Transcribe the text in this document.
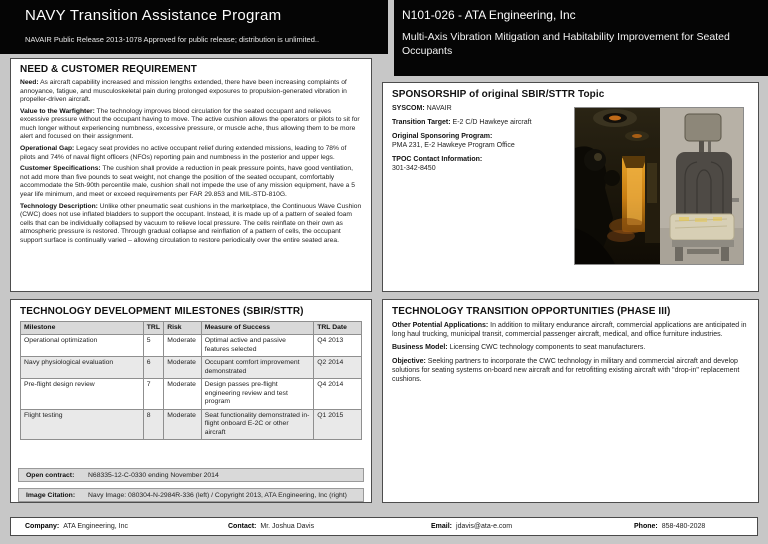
NAVY Transition Assistance Program
NAVAIR Public Release 2013-1078 Approved for public release; distribution is unlimited..
N101-026 - ATA Engineering, Inc
Multi-Axis Vibration Mitigation and Habitability Improvement for Seated Occupants
NEED & CUSTOMER REQUIREMENT

Need: As aircraft capability increased and mission lengths extended, there have been increasing complaints of annoyance, fatigue, and musculoskeletal pain during prolonged exposures to propulsion-generated vibration in propeller-driven aircraft.

Value to the Warfighter: The technology improves blood circulation for the seated occupant and relieves excessive pressure without the occupant having to move. The active cushion allows the operators or pilots to sit for much longer without experiencing numbness, excessive pressure, or muscle ache, thus allowing them to be more alert and focused on their assignment.

Operational Gap: Legacy seat provides no active occupant relief during extended missions, leading to 78% of pilots and 74% of naval flight officers (NFOs) reporting pain and numbness in the posterior and upper legs.

Customer Specifications: The cushion shall provide a reduction in peak pressure points, have good ventilation, not add more than five pounds to seat weight, not change the position of the seated occupant, comfortably accommodate the 5th-90th percentile male, cushion shall not impede the use of any mission equipment, have a 5 year life minimum, and meet or exceed requirements per FAR 29.853 and MIL-STD-810G.

Technology Description: Unlike other pneumatic seat cushions in the marketplace, the Continuous Wave Cushion (CWC) does not use inflated bladders to support the occupant. Instead, it is made up of a pattern of sealed foam cells that can be individually collapsed by vacuum to relieve local pressure. The cells reinflate on their own as atmospheric pressure is restored. Through gradual collapse and reinflation of a pattern of cells, the occupant support surface is continually varied – allowing circulation to restore periodically over the entire seated area.

SPONSORSHIP of original SBIR/STTR Topic

SYSCOM: NAVAIR

Transition Target: E-2 C/D Hawkeye aircraft

Original Sponsoring Program:
PMA 231, E-2 Hawkeye Program Office

TPOC Contact Information:
301-342-8450

TECHNOLOGY DEVELOPMENT MILESTONES (SBIR/STTR)
Milestone	TRL	Risk	Measure of Success	TRL Date
Operational optimization	5	Moderate	Optimal active and passive features selected	Q4 2013
Navy physiological evaluation	6	Moderate	Occupant comfort improvement demonstrated	Q2 2014
Pre-flight design review	7	Moderate	Design passes pre-flight engineering review and test program	Q4 2014
Flight testing	8	Moderate	Seat functionality demonstrated in-flight onboard E-2C or other aircraft	Q1 2015
Open contract:	N68335-12-C-0330 ending November 2014
Image Citation:	Navy Image: 080304-N-2984R-336 (left) / Copyright 2013, ATA Engineering, Inc (right)
TECHNOLOGY TRANSITION OPPORTUNITIES (PHASE III)

Other Potential Applications: In addition to military endurance aircraft, commercial applications are anticipated in long haul trucking, municipal transit, commercial passenger aircraft, medical, and office furniture industries.

Business Model: Licensing CWC technology components to seat manufacturers.

Objective: Seeking partners to incorporate the CWC technology in military and commercial aircraft and develop solutions for seating systems on-board new aircraft and for retrofitting existing aircraft with "drop-in" replacement cushions.

Company: ATA Engineering, Inc	Contact: Mr. Joshua Davis	Email: jdavis@ata-e.com	Phone: 858-480-2028
